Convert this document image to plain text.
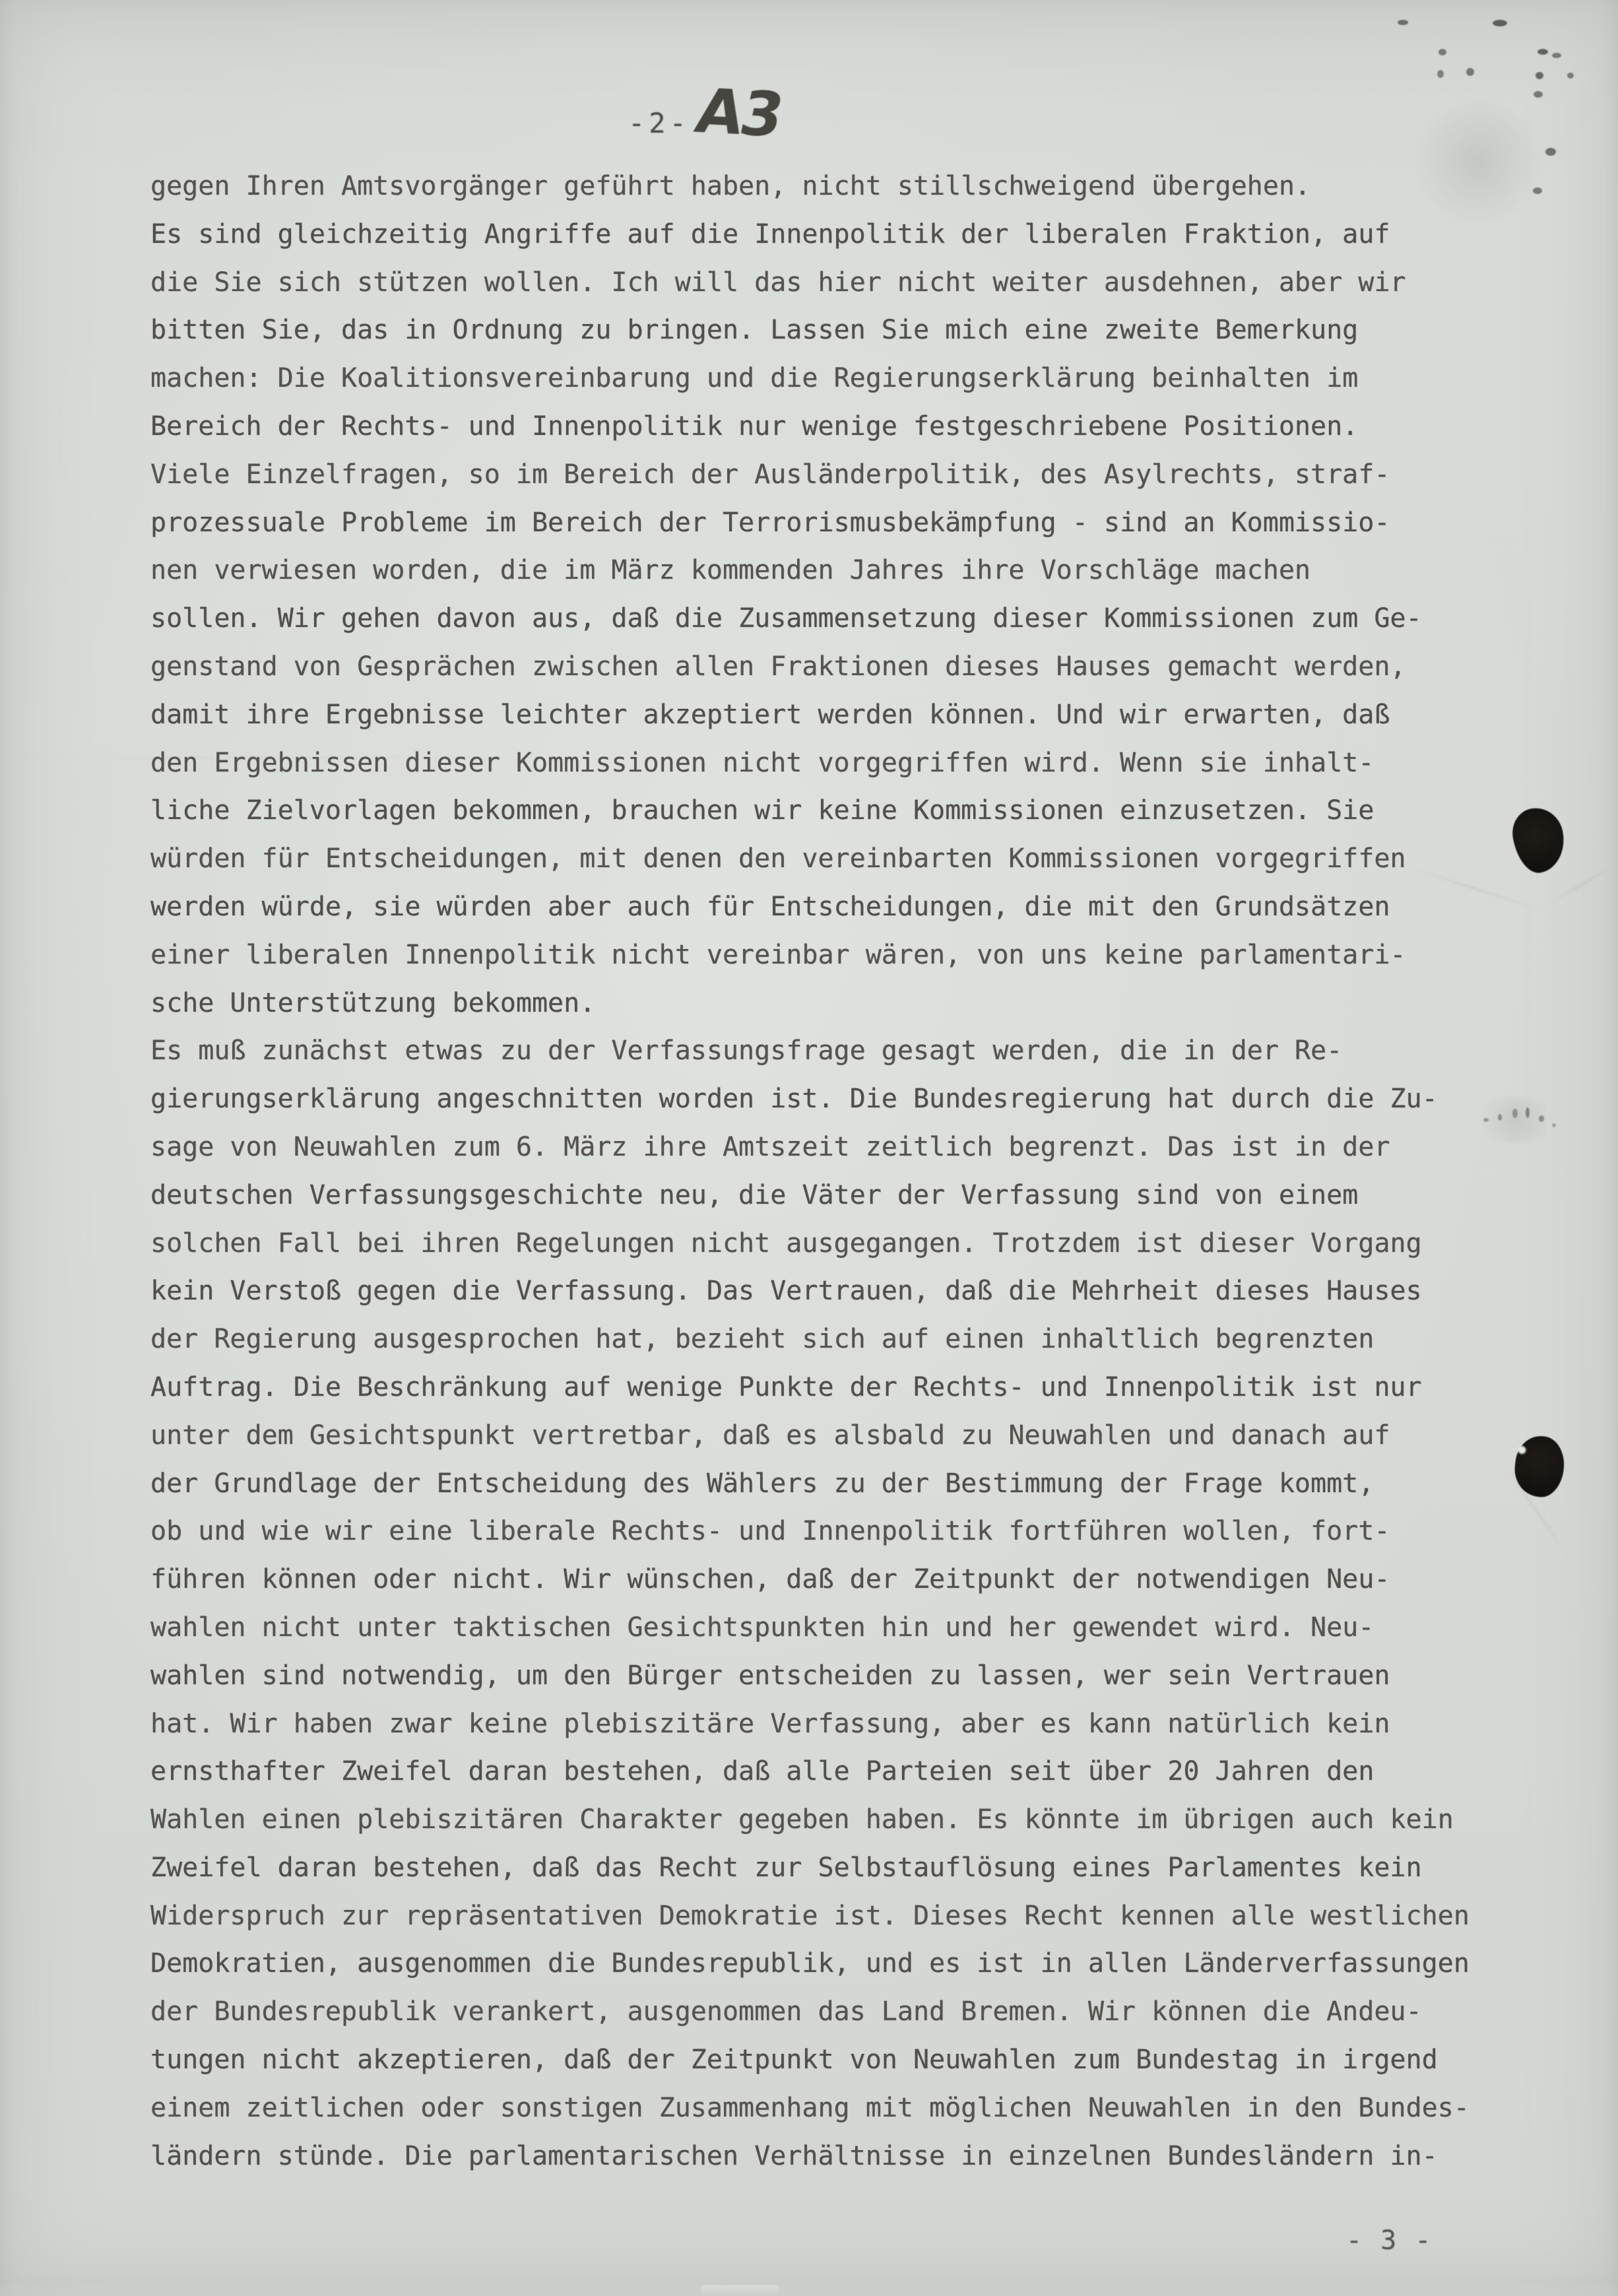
-2- A3
gegen Ihren Amtsvorgänger geführt haben, nicht stillschweigend übergehen.
Es sind gleichzeitig Angriffe auf die Innenpolitik der liberalen Fraktion, auf
die Sie sich stützen wollen. Ich will das hier nicht weiter ausdehnen, aber wir
bitten Sie, das in Ordnung zu bringen. Lassen Sie mich eine zweite Bemerkung
machen: Die Koalitionsvereinbarung und die Regierungserklärung beinhalten im
Bereich der Rechts- und Innenpolitik nur wenige festgeschriebene Positionen.
Viele Einzelfragen, so im Bereich der Ausländerpolitik, des Asylrechts, straf-
prozessuale Probleme im Bereich der Terrorismusbekämpfung - sind an Kommissio-
nen verwiesen worden, die im März kommenden Jahres ihre Vorschläge machen
sollen. Wir gehen davon aus, daß die Zusammensetzung dieser Kommissionen zum Ge-
genstand von Gesprächen zwischen allen Fraktionen dieses Hauses gemacht werden,
damit ihre Ergebnisse leichter akzeptiert werden können. Und wir erwarten, daß
den Ergebnissen dieser Kommissionen nicht vorgegriffen wird. Wenn sie inhalt-
liche Zielvorlagen bekommen, brauchen wir keine Kommissionen einzusetzen. Sie
würden für Entscheidungen, mit denen den vereinbarten Kommissionen vorgegriffen
werden würde, sie würden aber auch für Entscheidungen, die mit den Grundsätzen
einer liberalen Innenpolitik nicht vereinbar wären, von uns keine parlamentari-
sche Unterstützung bekommen.
Es muß zunächst etwas zu der Verfassungsfrage gesagt werden, die in der Re-
gierungserklärung angeschnitten worden ist. Die Bundesregierung hat durch die Zu-
sage von Neuwahlen zum 6. März ihre Amtszeit zeitlich begrenzt. Das ist in der
deutschen Verfassungsgeschichte neu, die Väter der Verfassung sind von einem
solchen Fall bei ihren Regelungen nicht ausgegangen. Trotzdem ist dieser Vorgang
kein Verstoß gegen die Verfassung. Das Vertrauen, daß die Mehrheit dieses Hauses
der Regierung ausgesprochen hat, bezieht sich auf einen inhaltlich begrenzten
Auftrag. Die Beschränkung auf wenige Punkte der Rechts- und Innenpolitik ist nur
unter dem Gesichtspunkt vertretbar, daß es alsbald zu Neuwahlen und danach auf
der Grundlage der Entscheidung des Wählers zu der Bestimmung der Frage kommt,
ob und wie wir eine liberale Rechts- und Innenpolitik fortführen wollen, fort-
führen können oder nicht. Wir wünschen, daß der Zeitpunkt der notwendigen Neu-
wahlen nicht unter taktischen Gesichtspunkten hin und her gewendet wird. Neu-
wahlen sind notwendig, um den Bürger entscheiden zu lassen, wer sein Vertrauen
hat. Wir haben zwar keine plebiszitäre Verfassung, aber es kann natürlich kein
ernsthafter Zweifel daran bestehen, daß alle Parteien seit über 20 Jahren den
Wahlen einen plebiszitären Charakter gegeben haben. Es könnte im übrigen auch kein
Zweifel daran bestehen, daß das Recht zur Selbstauflösung eines Parlamentes kein
Widerspruch zur repräsentativen Demokratie ist. Dieses Recht kennen alle westlichen
Demokratien, ausgenommen die Bundesrepublik, und es ist in allen Länderverfassungen
der Bundesrepublik verankert, ausgenommen das Land Bremen. Wir können die Andeu-
tungen nicht akzeptieren, daß der Zeitpunkt von Neuwahlen zum Bundestag in irgend
einem zeitlichen oder sonstigen Zusammenhang mit möglichen Neuwahlen in den Bundes-
ländern stünde. Die parlamentarischen Verhältnisse in einzelnen Bundesländern in-
- 3 -
